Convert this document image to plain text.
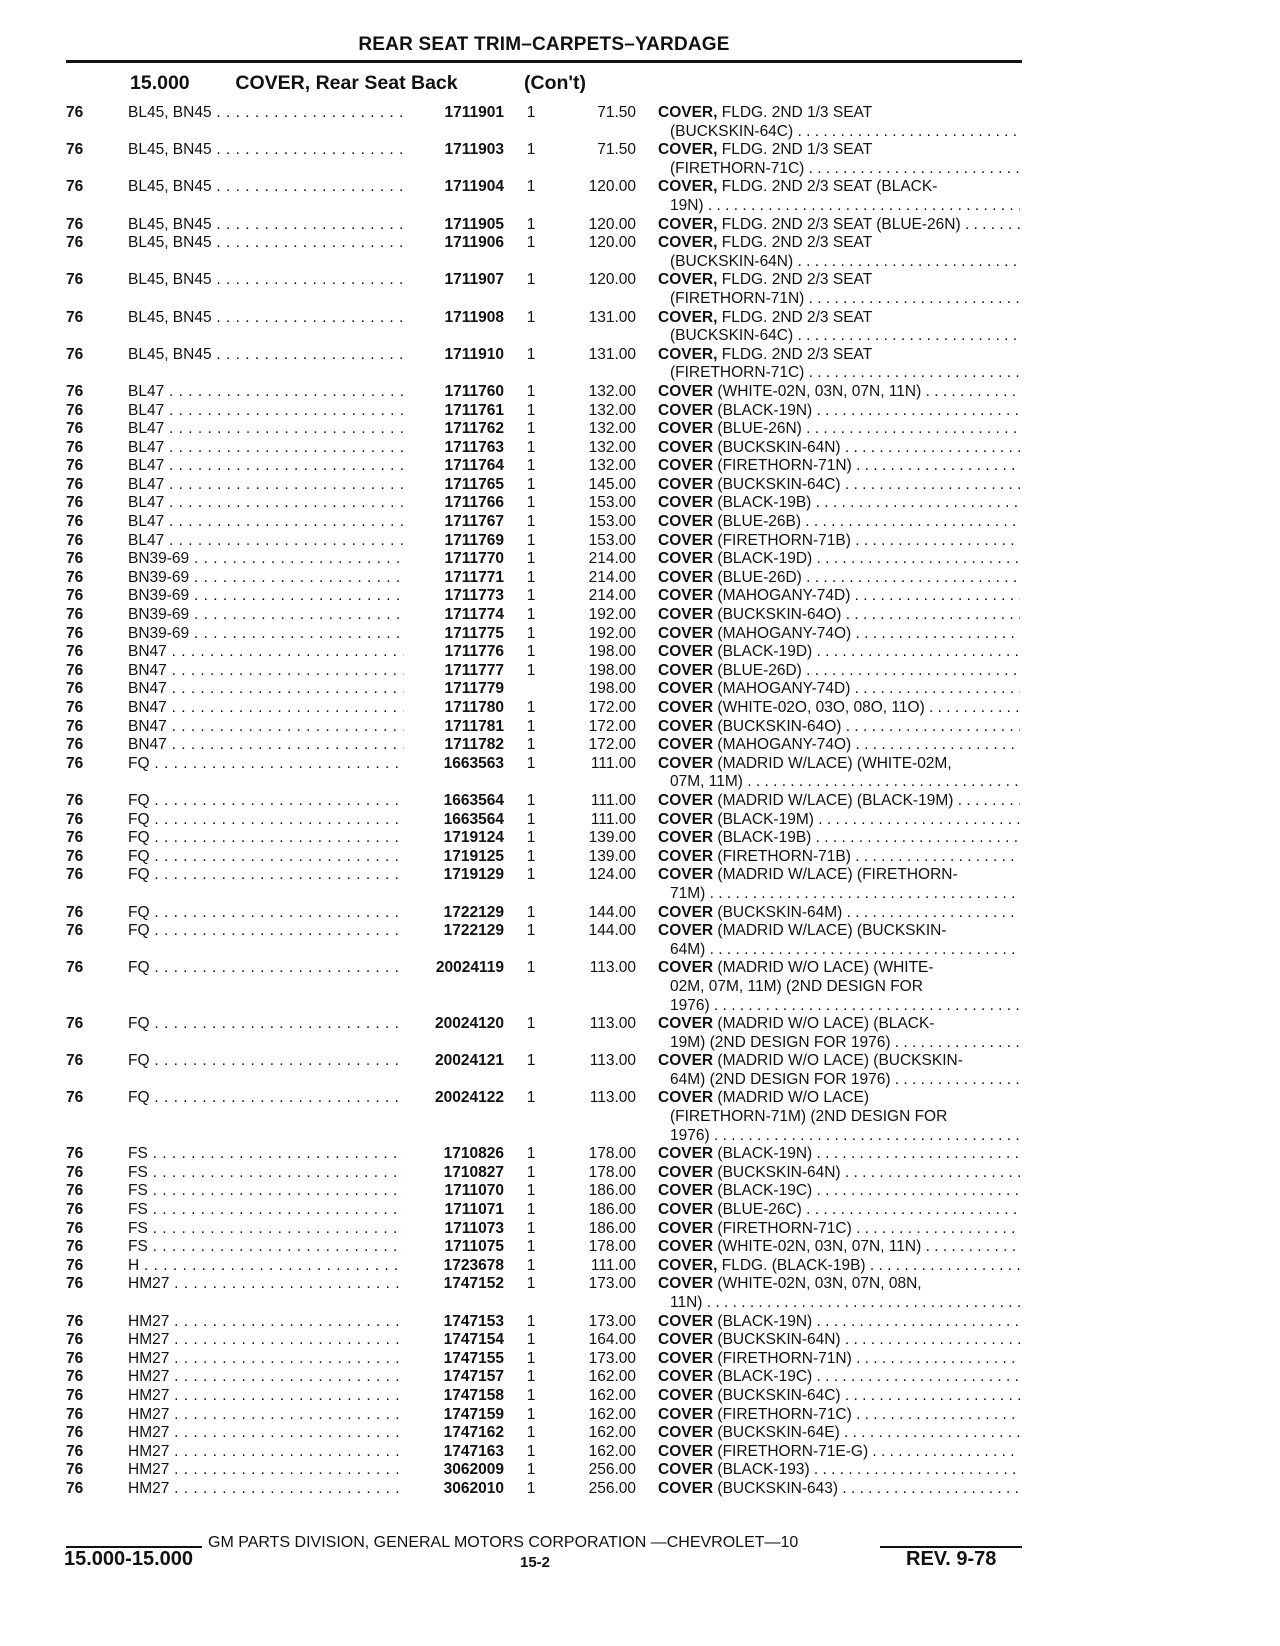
REAR SEAT TRIM–CARPETS–YARDAGE
15.000 COVER, Rear Seat Back	(Con't)
76	BL45, BN45 . . .	1711901 1	71.50 COVER, FLDG. 2ND 1/3 SEAT
(BUCKSKIN-64C) . . .
76	BL45, BN45 . . .	1711903 1	71.50 COVER, FLDG. 2ND 1/3 SEAT
(FIRETHORN-71C) . . .
76	BL45, BN45 . . .	1711904 1	120.00 COVER, FLDG. 2ND 2/3 SEAT (BLACK-
19N) . . .
76	BL45, BN45 . . .	1711905 1	120.00 COVER, FLDG. 2ND 2/3 SEAT (BLUE-26N) . . .
76	BL45, BN45 . . .	1711906 1	120.00 COVER, FLDG. 2ND 2/3 SEAT
(BUCKSKIN-64N) . . .
76	BL45, BN45 . . .	1711907 1	120.00 COVER, FLDG. 2ND 2/3 SEAT
(FIRETHORN-71N) . . .
76	BL45, BN45 . . .	1711908 1	131.00 COVER, FLDG. 2ND 2/3 SEAT
(BUCKSKIN-64C) . . .
76	BL45, BN45 . . .	1711910 1	131.00 COVER, FLDG. 2ND 2/3 SEAT
(FIRETHORN-71C) . . .
76	BL47 . . .	1711760 1	132.00 COVER (WHITE-02N, 03N, 07N, 11N) . . .
76	BL47 . . .	1711761 1	132.00 COVER (BLACK-19N) . . .
76	BL47 . . .	1711762 1	132.00 COVER (BLUE-26N) . . .
76	BL47 . . .	1711763 1	132.00 COVER (BUCKSKIN-64N) . . .
76	BL47 . . .	1711764 1	132.00 COVER (FIRETHORN-71N) . . .
76	BL47 . . .	1711765 1	145.00 COVER (BUCKSKIN-64C) . . .
76	BL47 . . .	1711766 1	153.00 COVER (BLACK-19B) . . .
76	BL47 . . .	1711767 1	153.00 COVER (BLUE-26B) . . .
76	BL47 . . .	1711769 1	153.00 COVER (FIRETHORN-71B) . . .
76	BN39-69 . . .	1711770 1	214.00 COVER (BLACK-19D) . . .
76	BN39-69 . . .	1711771 1	214.00 COVER (BLUE-26D) . . .
76	BN39-69 . . .	1711773 1	214.00 COVER (MAHOGANY-74D) . . .
76	BN39-69 . . .	1711774 1	192.00 COVER (BUCKSKIN-64O) . . .
76	BN39-69 . . .	1711775 1	192.00 COVER (MAHOGANY-74O) . . .
76	BN47 . . .	1711776 1	198.00 COVER (BLACK-19D) . . .
76	BN47 . . .	1711777 1	198.00 COVER (BLUE-26D) . . .
76	BN47 . . .	1711779	198.00 COVER (MAHOGANY-74D) . . .
76	BN47 . . .	1711780 1	172.00 COVER (WHITE-02O, 03O, 08O, 11O) . . .
76	BN47 . . .	1711781 1	172.00 COVER (BUCKSKIN-64O) . . .
76	BN47 . . .	1711782 1	172.00 COVER (MAHOGANY-74O) . . .
76	FQ . . .	1663563 1	111.00 COVER (MADRID W/LACE) (WHITE-02M,
07M, 11M) . . .
76	FQ . . .	1663564 1	111.00 COVER (MADRID W/LACE) (BLACK-19M) . . .
76	FQ . . .	1663564 1	111.00 COVER (BLACK-19M) . . .
76	FQ . . .	1719124 1	139.00 COVER (BLACK-19B) . . .
76	FQ . . .	1719125 1	139.00 COVER (FIRETHORN-71B) . . .
76	FQ . . .	1719129 1	124.00 COVER (MADRID W/LACE) (FIRETHORN-
71M) . . .
76	FQ . . .	1722129 1	144.00 COVER (BUCKSKIN-64M) . . .
76	FQ . . .	1722129 1	144.00 COVER (MADRID W/LACE) (BUCKSKIN-
64M) . . .
76	FQ . . .	20024119 1	113.00 COVER (MADRID W/O LACE) (WHITE-
02M, 07M, 11M) (2ND DESIGN FOR
1976) . . .
76	FQ . . .	20024120 1	113.00 COVER (MADRID W/O LACE) (BLACK-
19M) (2ND DESIGN FOR 1976) . . .
76	FQ . . .	20024121 1	113.00 COVER (MADRID W/O LACE) (BUCKSKIN-
64M) (2ND DESIGN FOR 1976) . . .
76	FQ . . .	20024122 1	113.00 COVER (MADRID W/O LACE)
(FIRETHORN-71M) (2ND DESIGN FOR
1976) . . .
76	FS . . .	1710826 1	178.00 COVER (BLACK-19N) . . .
76	FS . . .	1710827 1	178.00 COVER (BUCKSKIN-64N) . . .
76	FS . . .	1711070 1	186.00 COVER (BLACK-19C) . . .
76	FS . . .	1711071 1	186.00 COVER (BLUE-26C) . . .
76	FS . . .	1711073 1	186.00 COVER (FIRETHORN-71C) . . .
76	FS . . .	1711075 1	178.00 COVER (WHITE-02N, 03N, 07N, 11N) . . .
76	H . . .	1723678 1	111.00 COVER, FLDG. (BLACK-19B) . . .
76	HM27 . . .	1747152 1	173.00 COVER (WHITE-02N, 03N, 07N, 08N,
11N) . . .
76	HM27 . . .	1747153 1	173.00 COVER (BLACK-19N) . . .
76	HM27 . . .	1747154 1	164.00 COVER (BUCKSKIN-64N) . . .
76	HM27 . . .	1747155 1	173.00 COVER (FIRETHORN-71N) . . .
76	HM27 . . .	1747157 1	162.00 COVER (BLACK-19C) . . .
76	HM27 . . .	1747158 1	162.00 COVER (BUCKSKIN-64C) . . .
76	HM27 . . .	1747159 1	162.00 COVER (FIRETHORN-71C) . . .
76	HM27 . . .	1747162 1	162.00 COVER (BUCKSKIN-64E) . . .
76	HM27 . . .	1747163 1	162.00 COVER (FIRETHORN-71E-G) . . .
76	HM27 . . .	3062009 1	256.00 COVER (BLACK-193) . . .
76	HM27 . . .	3062010 1	256.00 COVER (BUCKSKIN-643) . . .
GM PARTS DIVISION, GENERAL MOTORS CORPORATION —CHEVROLET—10
15.000-15.000	15-2	REV. 9-78
